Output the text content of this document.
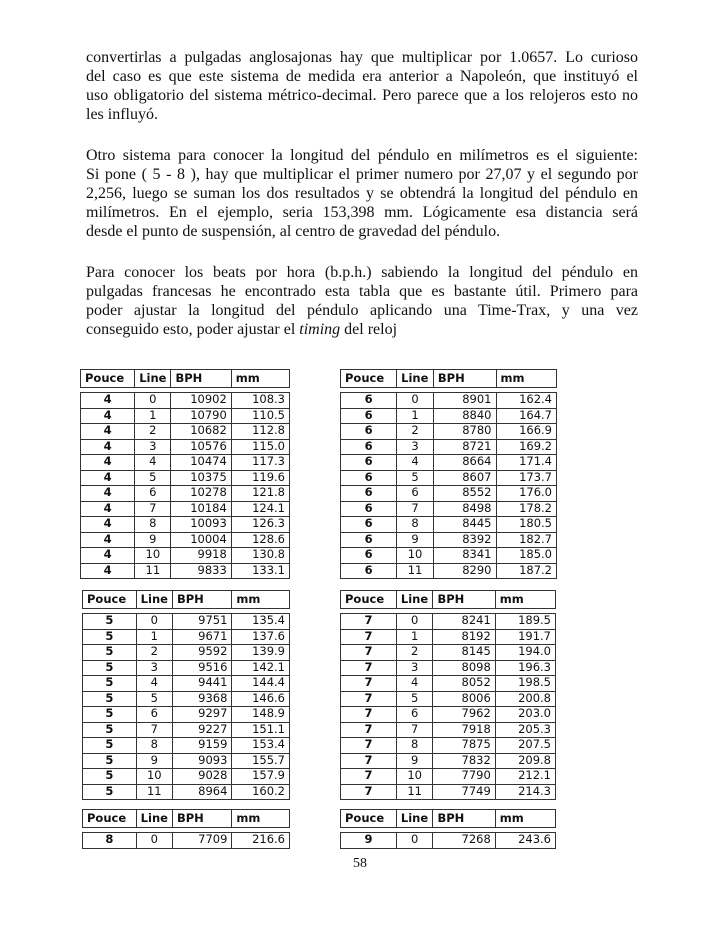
convertirlas a pulgadas anglosajonas hay que multiplicar por 1.0657. Lo curioso
del caso es que este sistema de medida era anterior a Napoleón, que instituyó el
uso obligatorio del sistema métrico-decimal. Pero parece que a los relojeros esto no
les influyó.
Otro sistema para conocer la longitud del péndulo en milímetros es el siguiente:
Si pone ( 5 - 8 ), hay que multiplicar el primer numero por 27,07 y el segundo por
2,256, luego se suman los dos resultados y se obtendrá la longitud del péndulo en
milímetros. En el ejemplo, seria 153,398 mm. Lógicamente esa distancia será
desde el punto de suspensión, al centro de gravedad del péndulo.
Para conocer los beats por hora (b.p.h.) sabiendo la longitud del péndulo en
pulgadas francesas he encontrado esta tabla que es bastante útil. Primero para
poder ajustar la longitud del péndulo aplicando una Time-Trax, y una vez
conseguido esto, poder ajustar el timing del reloj
Pouce	Line	BPH	mm

4	0	10902	108.3
4	1	10790	110.5
4	2	10682	112.8
4	3	10576	115.0
4	4	10474	117.3
4	5	10375	119.6
4	6	10278	121.8
4	7	10184	124.1
4	8	10093	126.3
4	9	10004	128.6
4	10	9918	130.8
4	11	9833	133.1
Pouce	Line	BPH	mm

6	0	8901	162.4
6	1	8840	164.7
6	2	8780	166.9
6	3	8721	169.2
6	4	8664	171.4
6	5	8607	173.7
6	6	8552	176.0
6	7	8498	178.2
6	8	8445	180.5
6	9	8392	182.7
6	10	8341	185.0
6	11	8290	187.2
Pouce	Line	BPH	mm

5	0	9751	135.4
5	1	9671	137.6
5	2	9592	139.9
5	3	9516	142.1
5	4	9441	144.4
5	5	9368	146.6
5	6	9297	148.9
5	7	9227	151.1
5	8	9159	153.4
5	9	9093	155.7
5	10	9028	157.9
5	11	8964	160.2
Pouce	Line	BPH	mm

7	0	8241	189.5
7	1	8192	191.7
7	2	8145	194.0
7	3	8098	196.3
7	4	8052	198.5
7	5	8006	200.8
7	6	7962	203.0
7	7	7918	205.3
7	8	7875	207.5
7	9	7832	209.8
7	10	7790	212.1
7	11	7749	214.3
Pouce	Line	BPH	mm

8	0	7709	216.6
Pouce	Line	BPH	mm

9	0	7268	243.6
58
